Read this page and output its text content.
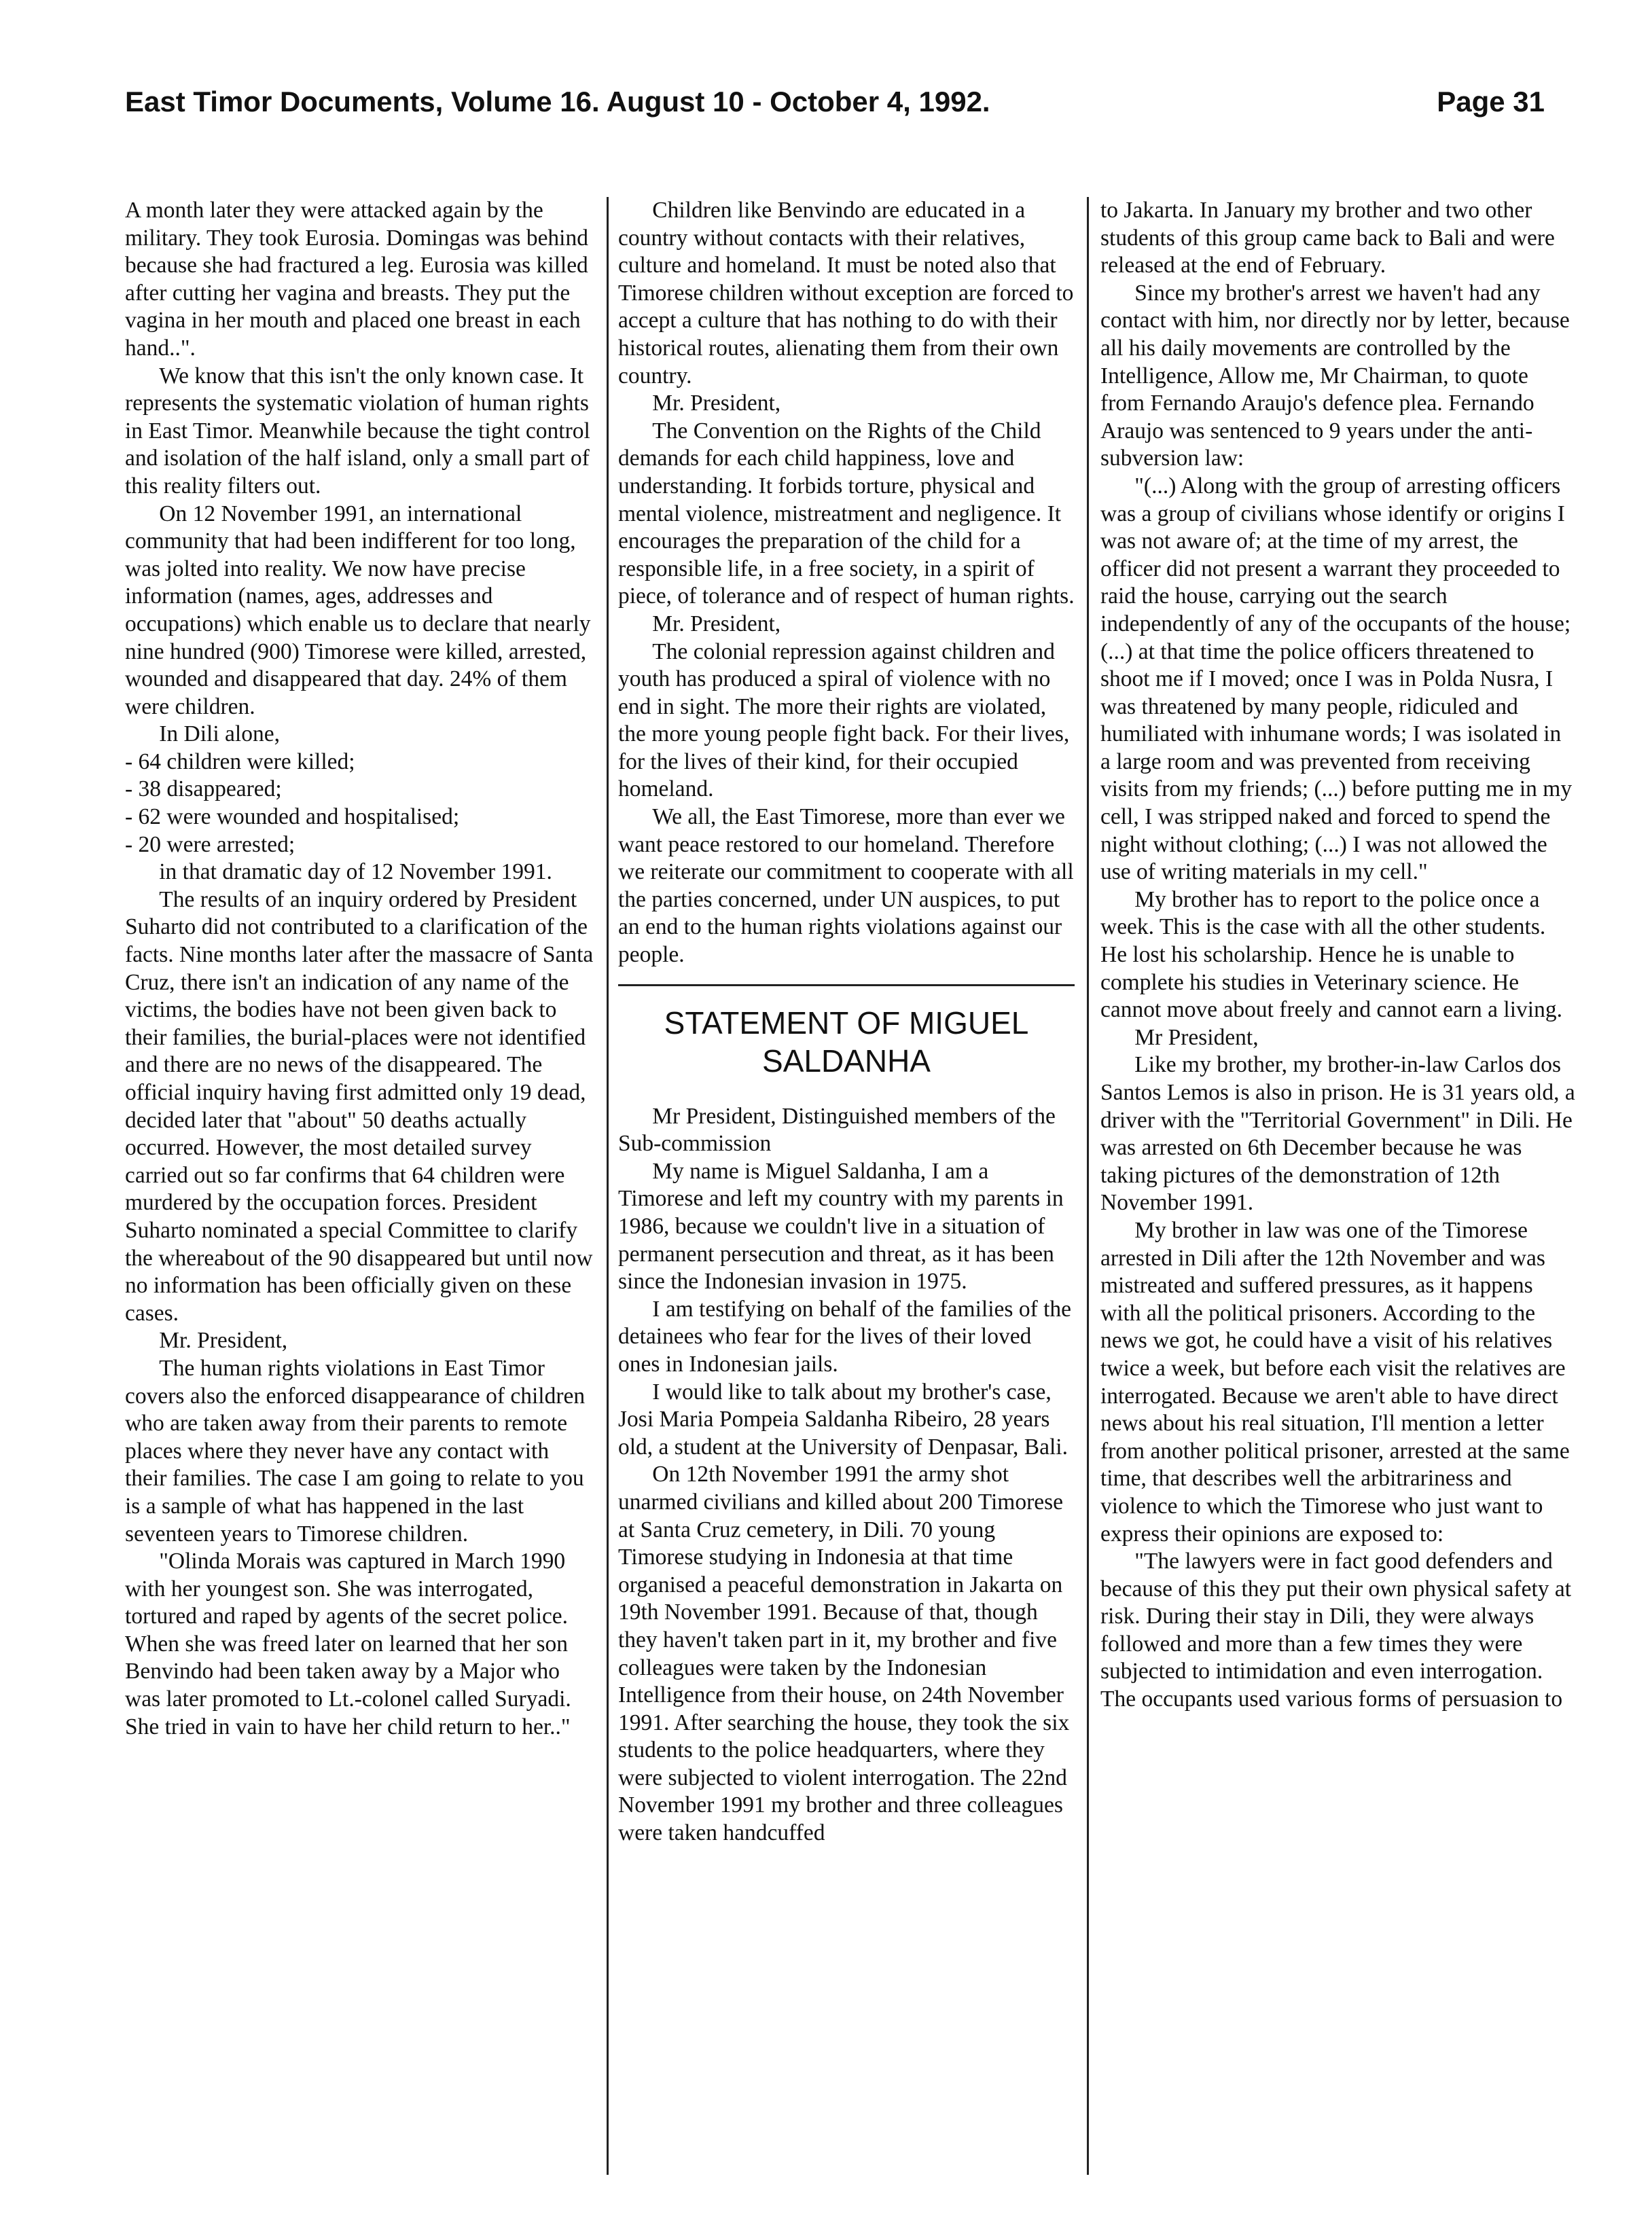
East Timor Documents, Volume 16. August 10 - October 4, 1992.	Page 31

A month later they were attacked again by the military. They took Eurosia. Domingas was behind because she had fractured a leg. Eurosia was killed after cutting her vagina and breasts. They put the vagina in her mouth and placed one breast in each hand..".

We know that this isn't the only known case. It represents the systematic violation of human rights in East Timor. Meanwhile because the tight control and isolation of the half island, only a small part of this reality filters out.

On 12 November 1991, an international community that had been indifferent for too long, was jolted into reality. We now have precise information (names, ages, addresses and occupations) which enable us to declare that nearly nine hundred (900) Timorese were killed, arrested, wounded and disappeared that day. 24% of them were children.

In Dili alone,

- 64 children were killed;

- 38 disappeared;

- 62 were wounded and hospitalised;

- 20 were arrested;

in that dramatic day of 12 November 1991.

The results of an inquiry ordered by President Suharto did not contributed to a clarification of the facts. Nine months later after the massacre of Santa Cruz, there isn't an indication of any name of the victims, the bodies have not been given back to their families, the burial-places were not identified and there are no news of the disappeared. The official inquiry having first admitted only 19 dead, decided later that "about" 50 deaths actually occurred. However, the most detailed survey carried out so far confirms that 64 children were murdered by the occupation forces. President Suharto nominated a special Committee to clarify the whereabout of the 90 disappeared but until now no information has been officially given on these cases.

Mr. President,

The human rights violations in East Timor covers also the enforced disappearance of children who are taken away from their parents to remote places where they never have any contact with their families. The case I am going to relate to you is a sample of what has happened in the last seventeen years to Timorese children.

"Olinda Morais was captured in March 1990 with her youngest son. She was interrogated, tortured and raped by agents of the secret police. When she was freed later on learned that her son Benvindo had been taken away by a Major who was later promoted to Lt.-colonel called Suryadi. She tried in vain to have her child return to her.."

Children like Benvindo are educated in a country without contacts with their relatives, culture and homeland. It must be noted also that Timorese children without exception are forced to accept a culture that has nothing to do with their historical routes, alienating them from their own country.

Mr. President,

The Convention on the Rights of the Child demands for each child happiness, love and understanding. It forbids torture, physical and mental violence, mistreatment and negligence. It encourages the preparation of the child for a responsible life, in a free society, in a spirit of piece, of tolerance and of respect of human rights.

Mr. President,

The colonial repression against children and youth has produced a spiral of violence with no end in sight. The more their rights are violated, the more young people fight back. For their lives, for the lives of their kind, for their occupied homeland.

We all, the East Timorese, more than ever we want peace restored to our homeland. Therefore we reiterate our commitment to cooperate with all the parties concerned, under UN auspices, to put an end to the human rights violations against our people.

STATEMENT OF MIGUEL SALDANHA

Mr President, Distinguished members of the Sub-commission

My name is Miguel Saldanha, I am a Timorese and left my country with my parents in 1986, because we couldn't live in a situation of permanent persecution and threat, as it has been since the Indonesian invasion in 1975.

I am testifying on behalf of the families of the detainees who fear for the lives of their loved ones in Indonesian jails.

I would like to talk about my brother's case, Josi Maria Pompeia Saldanha Ribeiro, 28 years old, a student at the University of Denpasar, Bali.

On 12th November 1991 the army shot unarmed civilians and killed about 200 Timorese at Santa Cruz cemetery, in Dili. 70 young Timorese studying in Indonesia at that time organised a peaceful demonstration in Jakarta on 19th November 1991. Because of that, though they haven't taken part in it, my brother and five colleagues were taken by the Indonesian Intelligence from their house, on 24th November 1991. After searching the house, they took the six students to the police headquarters, where they were subjected to violent interrogation. The 22nd November 1991 my brother and three colleagues were taken handcuffed

to Jakarta. In January my brother and two other students of this group came back to Bali and were released at the end of February.

Since my brother's arrest we haven't had any contact with him, nor directly nor by letter, because all his daily movements are controlled by the Intelligence, Allow me, Mr Chairman, to quote from Fernando Araujo's defence plea. Fernando Araujo was sentenced to 9 years under the anti-subversion law:

"(...) Along with the group of arresting officers was a group of civilians whose identify or origins I was not aware of; at the time of my arrest, the officer did not present a warrant they proceeded to raid the house, carrying out the search independently of any of the occupants of the house; (...) at that time the police officers threatened to shoot me if I moved; once I was in Polda Nusra, I was threatened by many people, ridiculed and humiliated with inhumane words; I was isolated in a large room and was prevented from receiving visits from my friends; (...) before putting me in my cell, I was stripped naked and forced to spend the night without clothing; (...) I was not allowed the use of writing materials in my cell."

My brother has to report to the police once a week. This is the case with all the other students. He lost his scholarship. Hence he is unable to complete his studies in Veterinary science. He cannot move about freely and cannot earn a living.

Mr President,

Like my brother, my brother-in-law Carlos dos Santos Lemos is also in prison. He is 31 years old, a driver with the "Territorial Government" in Dili. He was arrested on 6th December because he was taking pictures of the demonstration of 12th November 1991.

My brother in law was one of the Timorese arrested in Dili after the 12th November and was mistreated and suffered pressures, as it happens with all the political prisoners. According to the news we got, he could have a visit of his relatives twice a week, but before each visit the relatives are interrogated. Because we aren't able to have direct news about his real situation, I'll mention a letter from another political prisoner, arrested at the same time, that describes well the arbitrariness and violence to which the Timorese who just want to express their opinions are exposed to:

"The lawyers were in fact good defenders and because of this they put their own physical safety at risk. During their stay in Dili, they were always followed and more than a few times they were subjected to intimidation and even interrogation. The occupants used various forms of persuasion to
